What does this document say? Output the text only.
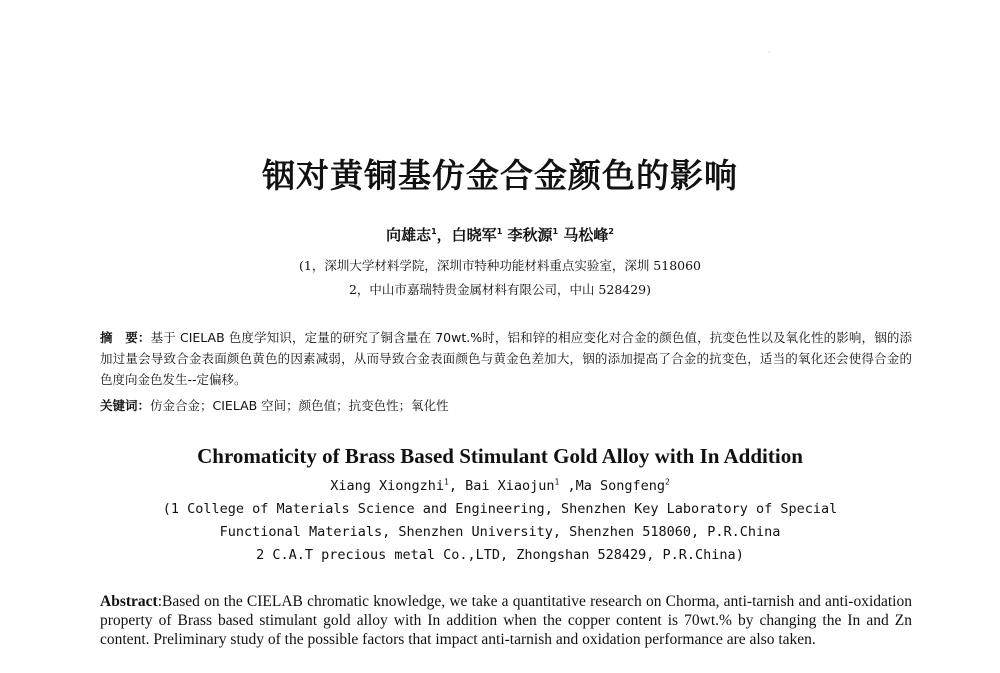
·
铟对黄铜基仿金合金颜色的影响
向雄志$^1$，白晓军$^1$ 李秋源$^1$ 马松峰$^2$
(1，深圳大学材料学院，深圳市特种功能材料重点实验室，深圳 518060
2，中山市嘉瑞特贵金属材料有限公司，中山 528429)
摘　要：基于 CIELAB 色度学知识，定量的研究了铜含量在 70wt.%时，铝和锌的相应变化对合金的颜色值，抗变色性以及氧化性的影响，铟的添加过量会导致合金表面颜色黄色的因素减弱，从而导致合金表面颜色与黄金色差加大，铟的添加提高了合金的抗变色，适当的氧化还会使得合金的色度向金色发生--定偏移。
关键词：仿金合金；CIELAB 空间；颜色值；抗变色性；氧化性
Chromaticity of Brass Based Stimulant Gold Alloy with In Addition
Xiang Xiongzhi$^1$, Bai Xiaojun$^1$ ,Ma Songfeng$^2$
(1 College of Materials Science and Engineering, Shenzhen Key Laboratory of Special
Functional Materials, Shenzhen University, Shenzhen 518060, P.R.China
2 C.A.T precious metal Co.,LTD, Zhongshan 528429, P.R.China)
Abstract:Based on the CIELAB chromatic knowledge, we take a quantitative research on Chorma, anti-tarnish and anti-oxidation property of Brass based stimulant gold alloy with In addition when the copper content is 70wt.% by changing the In and Zn content. Preliminary study of the possible factors that impact anti-tarnish and oxidation performance are also taken.
